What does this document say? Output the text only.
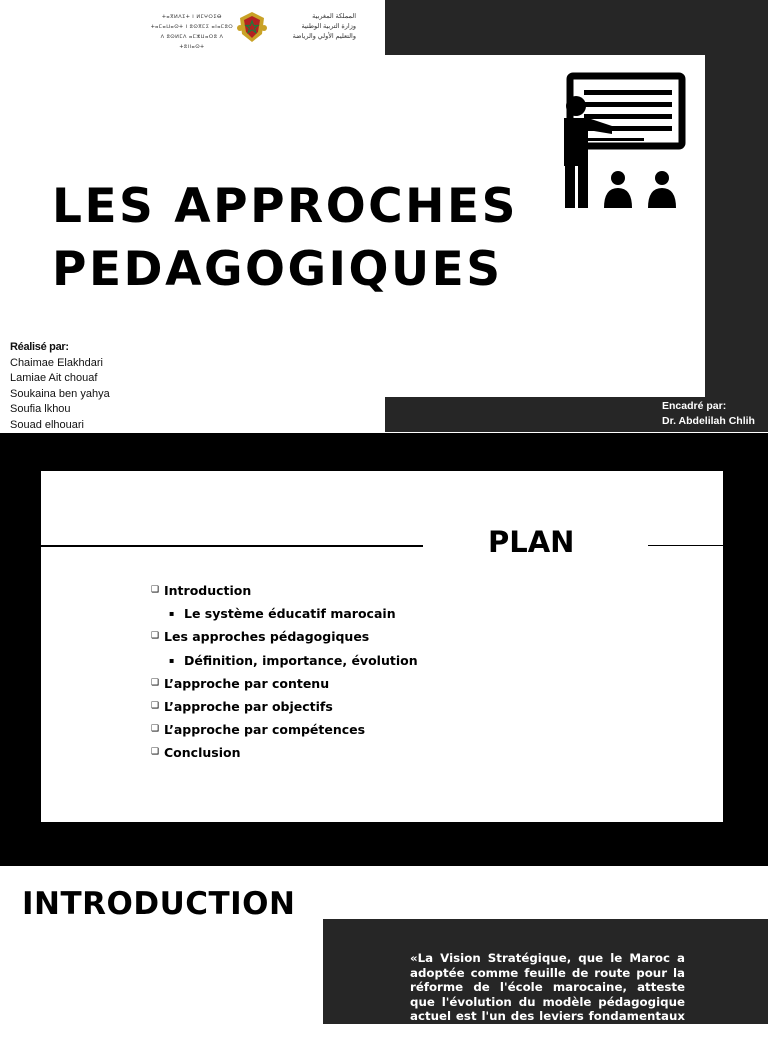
ⵜⴰⴳⵍⴷⵉⵜ ⵏ ⵍⵎⵖⵔⵉⴱ
ⵜⴰⵎⴰⵡⴰⵙⵜ ⵏ ⵓⵙⴳⵎⵉ ⴰⵏⴰⵎⵓⵔ
ⴷ ⵓⵙⵍⵎⴷ ⴰⵎⵣⵡⴰⵔⵓ ⴷ ⵜⵓⵏⵏⴰⵙⵜ
المملكة المغربية
وزارة التربية الوطنية
والتعليم الأولي والرياضة
LES APPROCHES
PEDAGOGIQUES
Réalisé par:
Chaimae Elakhdari
Lamiae Ait chouaf
Soukaina ben yahya
Soufia lkhou
Souad elhouari
Encadré par:
Dr. Abdelilah Chlih
PLAN
❑ Introduction
▪ Le système éducatif marocain
❑ Les approches pédagogiques
▪ Définition, importance, évolution
❑ L’approche par contenu
❑ L’approche par objectifs
❑ L’approche par compétences
❑ Conclusion
INTRODUCTION

«La Vision Stratégique, que le Maroc a adoptée comme feuille de route pour la réforme de l'école marocaine, atteste que l'évolution du modèle pédagogique actuel est l'un des leviers fondamentaux pour
